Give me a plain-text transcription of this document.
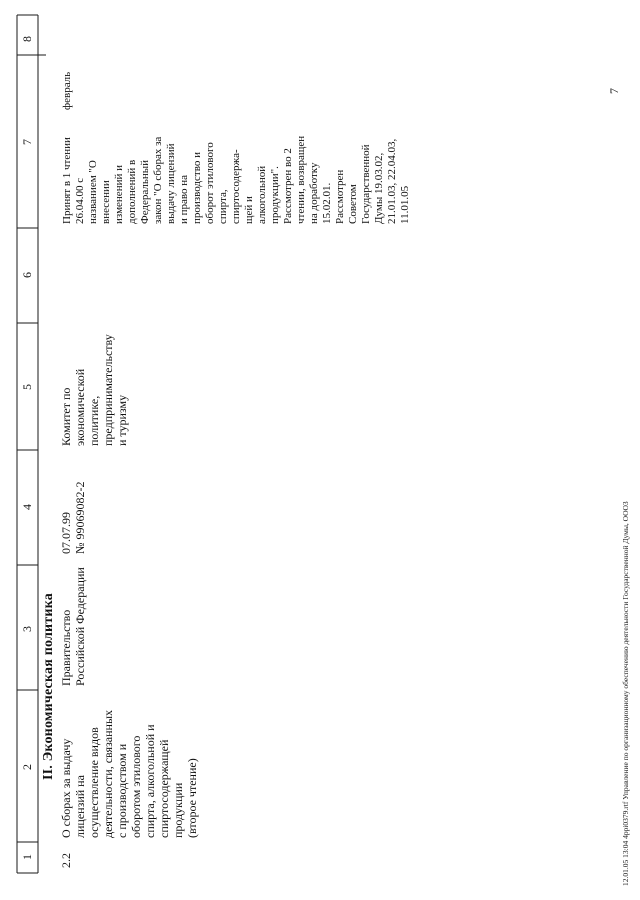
1
2
3
4
5
6
7
8
II. Экономическая политика
2.2
О сборах за выдачу лицензий на осуществление видов деятельности, связанных с производством и оборотом этилового спирта, алкогольной и спиртосодержащей продукции (второе чтение)
Правительство Российской Федерации
07.07.99 № 99069082-2
Комитет по экономической политике, предпринимательству и туризму
Принят в 1 чтении 26.04.00 с названием "О внесении изменений и дополнений в Федеральный закон "О сборах за выдачу лицензий и право на производство и оборот этилового спирта, спиртосодержа- щей и алкогольной продукции". Рассмотрен во 2 чтении, возвращен на доработку 15.02.01. Рассмотрен Советом Государственной Думы 19.03.02, 21.01.03, 22.04.03, 11.01.05
февраль	7
12.01.05 13:04 4ppi0379.rtf Управление по организационному обеспечению деятельности Государственной Думы, ООО3
